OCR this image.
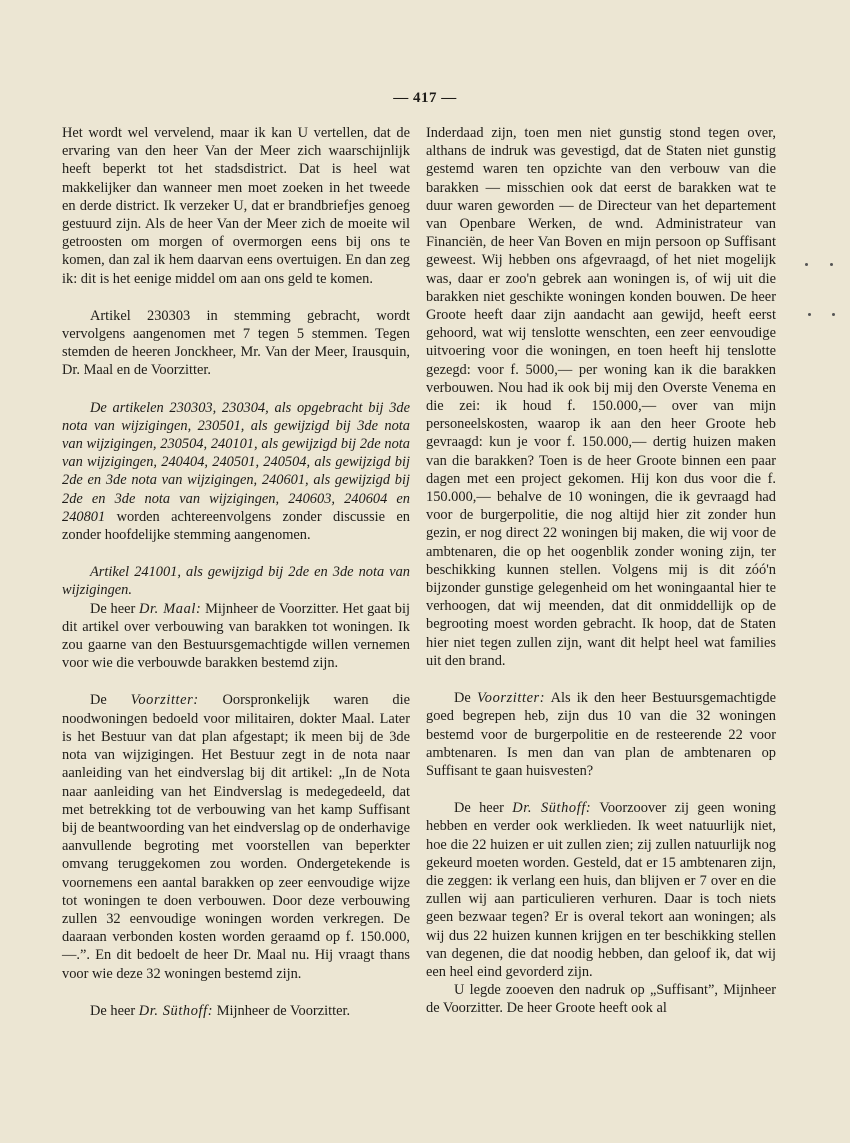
— 417 —

Het wordt wel vervelend, maar ik kan U vertellen, dat de ervaring van den heer Van der Meer zich waarschijnlijk heeft beperkt tot het stadsdistrict. Dat is heel wat makkelijker dan wanneer men moet zoeken in het tweede en derde district. Ik verzeker U, dat er brandbriefjes genoeg gestuurd zijn. Als de heer Van der Meer zich de moeite wil getroosten om morgen of overmorgen eens bij ons te komen, dan zal ik hem daarvan eens overtuigen. En dan zeg ik: dit is het eenige middel om aan ons geld te komen.

Artikel 230303 in stemming gebracht, wordt vervolgens aangenomen met 7 tegen 5 stemmen. Tegen stemden de heeren Jonckheer, Mr. Van der Meer, Irausquin, Dr. Maal en de Voorzitter.

De artikelen 230303, 230304, als opgebracht bij 3de nota van wijzigingen, 230501, als gewijzigd bij 3de nota van wijzigingen, 230504, 240101, als gewijzigd bij 2de nota van wijzigingen, 240404, 240501, 240504, als gewijzigd bij 2de en 3de nota van wijzigingen, 240601, als gewijzigd bij 2de en 3de nota van wijzigingen, 240603, 240604 en 240801 worden achtereenvolgens zonder discussie en zonder hoofdelijke stemming aangenomen.

Artikel 241001, als gewijzigd bij 2de en 3de nota van wijzigingen.

De heer Dr. Maal: Mijnheer de Voorzitter. Het gaat bij dit artikel over verbouwing van barakken tot woningen. Ik zou gaarne van den Bestuursgemachtigde willen vernemen voor wie die verbouwde barakken bestemd zijn.

De Voorzitter: Oorspronkelijk waren die noodwoningen bedoeld voor militairen, dokter Maal. Later is het Bestuur van dat plan afgestapt; ik meen bij de 3de nota van wijzigingen. Het Bestuur zegt in de nota naar aanleiding van het eindverslag bij dit artikel: „In de Nota naar aanleiding van het Eindverslag is medegedeeld, dat met betrekking tot de verbouwing van het kamp Suffisant bij de beantwoording van het eindverslag op de onderhavige aanvullende begroting met voorstellen van beperkter omvang teruggekomen zou worden. Ondergetekende is voornemens een aantal barakken op zeer eenvoudige wijze tot woningen te doen verbouwen. Door deze verbouwing zullen 32 eenvoudige woningen worden verkregen. De daaraan verbonden kosten worden geraamd op f. 150.000,—.”. En dit bedoelt de heer Dr. Maal nu. Hij vraagt thans voor wie deze 32 woningen bestemd zijn.

De heer Dr. Süthoff: Mijnheer de Voorzitter.

Inderdaad zijn, toen men niet gunstig stond tegen over, althans de indruk was gevestigd, dat de Staten niet gunstig gestemd waren ten opzichte van den verbouw van die barakken — misschien ook dat eerst de barakken wat te duur waren geworden — de Directeur van het departement van Openbare Werken, de wnd. Administrateur van Financiën, de heer Van Boven en mijn persoon op Suffisant geweest. Wij hebben ons afgevraagd, of het niet mogelijk was, daar er zoo'n gebrek aan woningen is, of wij uit die barakken niet geschikte woningen konden bouwen. De heer Groote heeft daar zijn aandacht aan gewijd, heeft eerst gehoord, wat wij tenslotte wenschten, een zeer eenvoudige uitvoering voor die woningen, en toen heeft hij tenslotte gezegd: voor f. 5000,— per woning kan ik die barakken verbouwen. Nou had ik ook bij mij den Overste Venema en die zei: ik houd f. 150.000,— over van mijn personeelskosten, waarop ik aan den heer Groote heb gevraagd: kun je voor f. 150.000,— dertig huizen maken van die barakken? Toen is de heer Groote binnen een paar dagen met een project gekomen. Hij kon dus voor die f. 150.000,— behalve de 10 woningen, die ik gevraagd had voor de burgerpolitie, die nog altijd hier zit zonder hun gezin, er nog direct 22 woningen bij maken, die wij voor de ambtenaren, die op het oogenblik zonder woning zijn, ter beschikking kunnen stellen. Volgens mij is dit zóó'n bijzonder gunstige gelegenheid om het woningaantal hier te verhoogen, dat wij meenden, dat dit onmiddellijk op de begrooting moest worden gebracht. Ik hoop, dat de Staten hier niet tegen zullen zijn, want dit helpt heel wat families uit den brand.

De Voorzitter: Als ik den heer Bestuursgemachtigde goed begrepen heb, zijn dus 10 van die 32 woningen bestemd voor de burgerpolitie en de resteerende 22 voor ambtenaren. Is men dan van plan de ambtenaren op Suffisant te gaan huisvesten?

De heer Dr. Süthoff: Voorzoover zij geen woning hebben en verder ook werklieden. Ik weet natuurlijk niet, hoe die 22 huizen er uit zullen zien; zij zullen natuurlijk nog gekeurd moeten worden. Gesteld, dat er 15 ambtenaren zijn, die zeggen: ik verlang een huis, dan blijven er 7 over en die zullen wij aan particulieren verhuren. Daar is toch niets geen bezwaar tegen? Er is overal tekort aan woningen; als wij dus 22 huizen kunnen krijgen en ter beschikking stellen van degenen, die dat noodig hebben, dan geloof ik, dat wij een heel eind gevorderd zijn.

U legde zooeven den nadruk op „Suffisant”, Mijnheer de Voorzitter. De heer Groote heeft ook al
